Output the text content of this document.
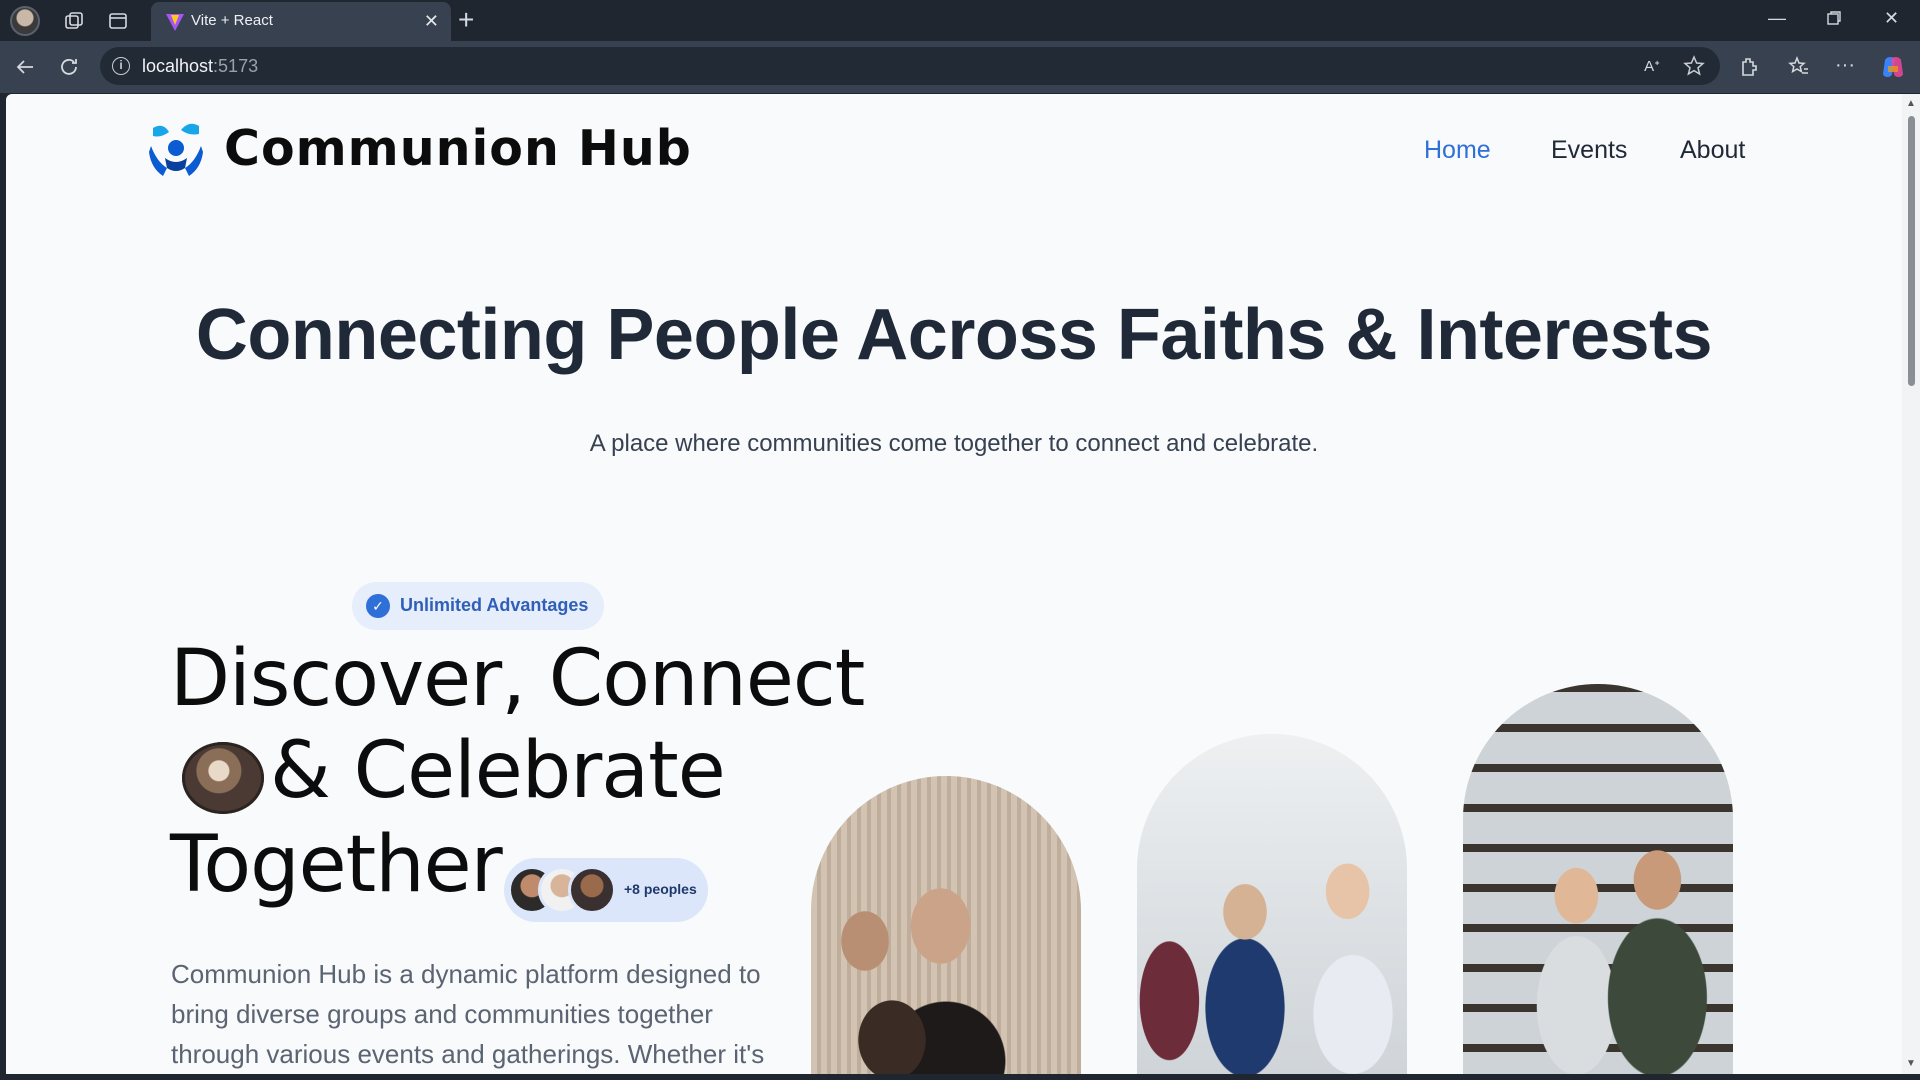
Vite + React	✕ +	—	✕
i	localhost:5173	Aᐩ	···
Communion Hub	Home Events About
Connecting People Across Faiths & Interests

A place where communities come together to connect and celebrate.

✓ Unlimited Advantages
Discover, Connect
& Celebrate
Together	+8 peoples

Communion Hub is a dynamic platform designed to bring diverse groups and communities together through various events and gatherings. Whether it's

▲
▼
